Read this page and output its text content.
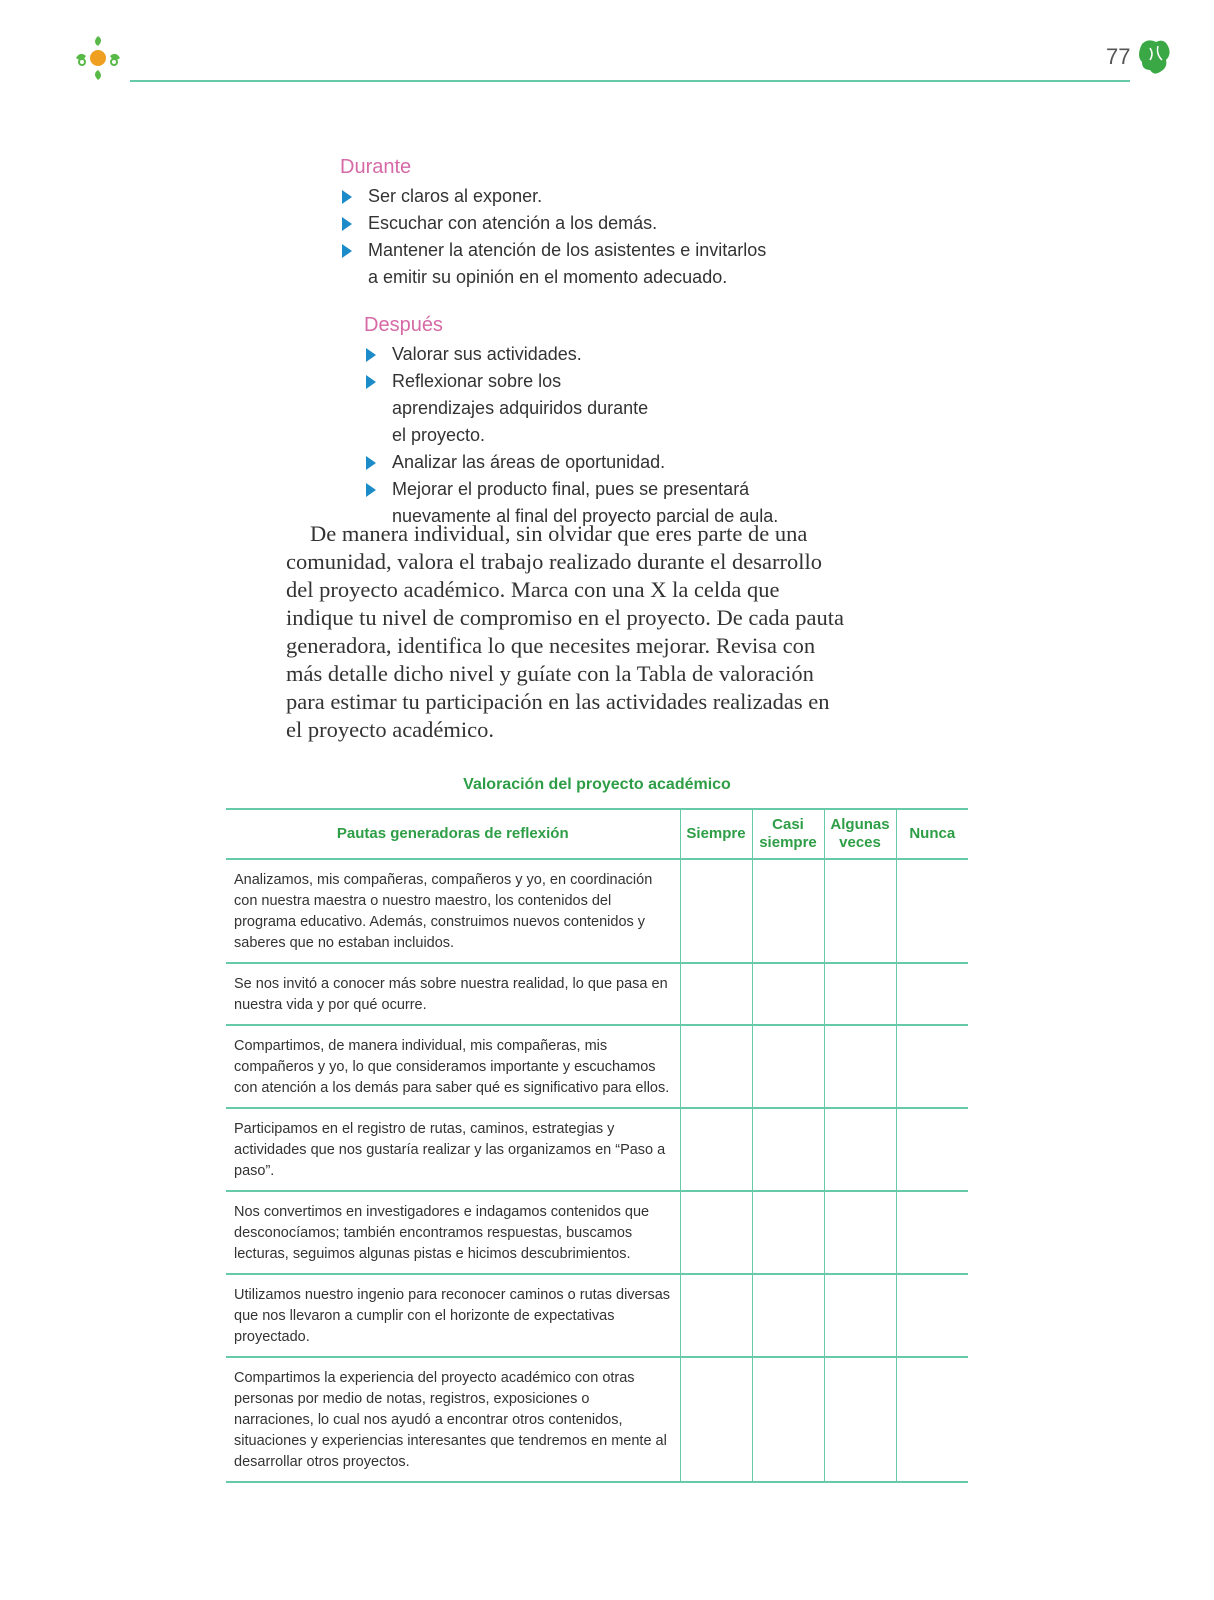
77
Durante
Ser claros al exponer.
Escuchar con atención a los demás.
Mantener la atención de los asistentes e invitarlos a emitir su opinión en el momento adecuado.
Después
Valorar sus actividades.
Reflexionar sobre los aprendizajes adquiridos durante el proyecto.
Analizar las áreas de oportunidad.
Mejorar el producto final, pues se presentará nuevamente al final del proyecto parcial de aula.

De manera individual, sin olvidar que eres parte de una comunidad, valora el trabajo realizado durante el desarrollo del proyecto académico. Marca con una X la celda que indique tu nivel de compromiso en el proyecto. De cada pauta generadora, identifica lo que necesites mejorar. Revisa con más detalle dicho nivel y guíate con la Tabla de valoración para estimar tu participación en las actividades realizadas en el proyecto académico.

Valoración del proyecto académico
Pautas generadoras de reflexión	Siempre	Casi siempre	Algunas veces	Nunca
Analizamos, mis compañeras, compañeros y yo, en coordinación con nuestra maestra o nuestro maestro, los contenidos del programa educativo. Además, construimos nuevos contenidos y saberes que no estaban incluidos.				
Se nos invitó a conocer más sobre nuestra realidad, lo que pasa en nuestra vida y por qué ocurre.				
Compartimos, de manera individual, mis compañeras, mis compañeros y yo, lo que consideramos importante y escuchamos con atención a los demás para saber qué es significativo para ellos.				
Participamos en el registro de rutas, caminos, estrategias y actividades que nos gustaría realizar y las organizamos en “Paso a paso”.				
Nos convertimos en investigadores e indagamos contenidos que desconocíamos; también encontramos respuestas, buscamos lecturas, seguimos algunas pistas e hicimos descubrimientos.				
Utilizamos nuestro ingenio para reconocer caminos o rutas diversas que nos llevaron a cumplir con el horizonte de expectativas proyectado.				
Compartimos la experiencia del proyecto académico con otras personas por medio de notas, registros, exposiciones o narraciones, lo cual nos ayudó a encontrar otros contenidos, situaciones y experiencias interesantes que tendremos en mente al desarrollar otros proyectos.				
